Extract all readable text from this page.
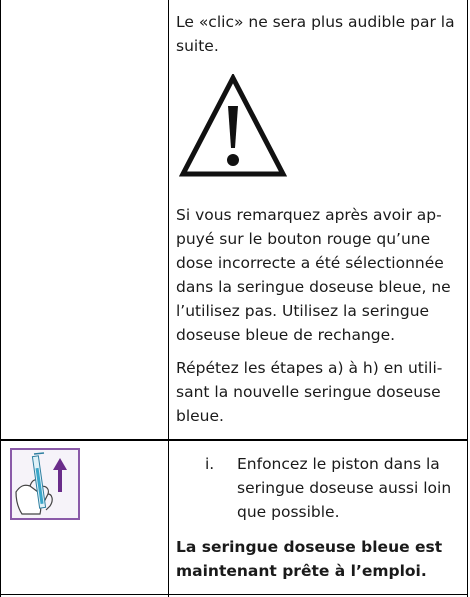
Le «clic» ne sera plus audible par la
suite.
Si vous remarquez après avoir ap-
puyé sur le bouton rouge qu’une
dose incorrecte a été sélectionnée
dans la seringue doseuse bleue, ne
l’utilisez pas. Utilisez la seringue
doseuse bleue de rechange.
Répétez les étapes a) à h) en utili-
sant la nouvelle seringue doseuse
bleue.
i. Enfoncez le piston dans la
seringue doseuse aussi loin
que possible.
La seringue doseuse bleue est
maintenant prête à l’emploi.
